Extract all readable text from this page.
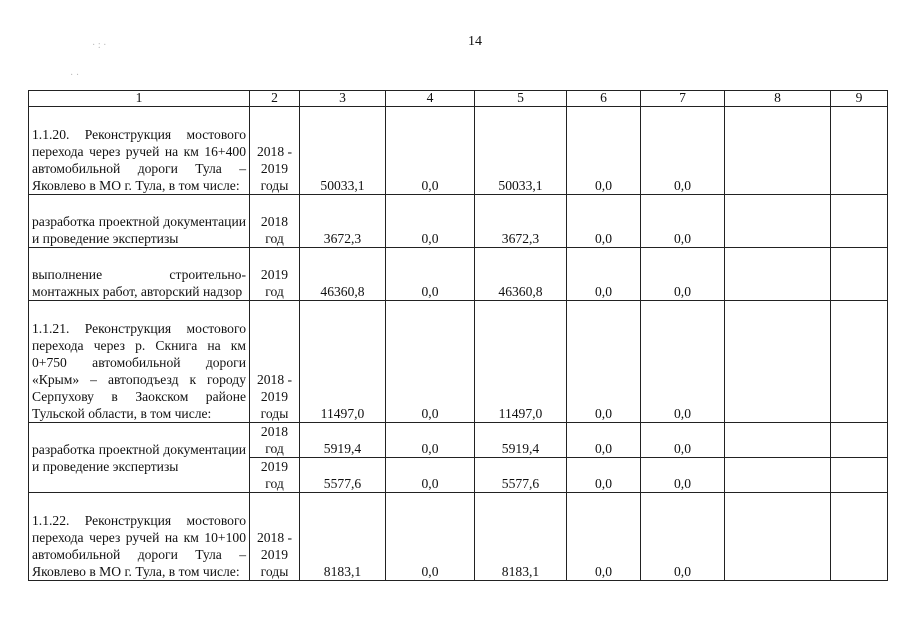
14
· : ·
· ·
1	2	3	4	5	6	7	8	9
1.1.20. Реконструкция мостового перехода через ручей на км 16+400 автомобильной дороги Тула – Яковлево в МО г. Тула, в том числе:	2018 - 2019 годы	50033,1	0,0	50033,1	0,0	0,0		
разработка проектной документации и проведение экспертизы	2018 год	3672,3	0,0	3672,3	0,0	0,0		
выполнение строительно-монтажных работ, авторский надзор	2019 год	46360,8	0,0	46360,8	0,0	0,0		
1.1.21. Реконструкция мостового перехода через р. Скнига на км 0+750 автомобильной дороги «Крым» – автоподъезд к городу Серпухову в Заокском районе Тульской области, в том числе:	2018 - 2019 годы	11497,0	0,0	11497,0	0,0	0,0		
разработка проектной документации и проведение экспертизы	2018 год	5919,4	0,0	5919,4	0,0	0,0		
	2019 год	5577,6	0,0	5577,6	0,0	0,0		
1.1.22. Реконструкция мостового перехода через ручей на км 10+100 автомобильной дороги Тула – Яковлево в МО г. Тула, в том числе:	2018 - 2019 годы	8183,1	0,0	8183,1	0,0	0,0		
